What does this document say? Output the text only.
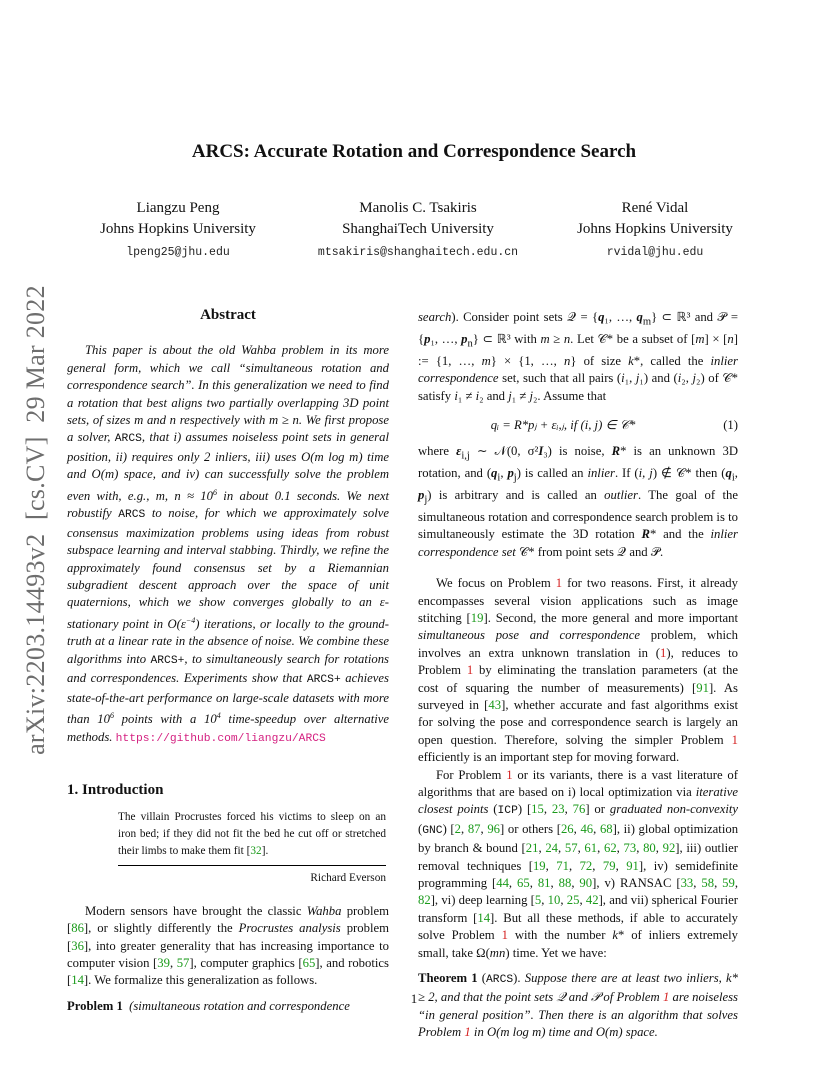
arXiv:2203.14493v2  [cs.CV]  29 Mar 2022
ARCS: Accurate Rotation and Correspondence Search
Liangzu Peng
Johns Hopkins University
lpeng25@jhu.edu
Manolis C. Tsakiris
ShanghaiTech University
mtsakiris@shanghaitech.edu.cn
René Vidal
Johns Hopkins University
rvidal@jhu.edu
Abstract
This paper is about the old Wahba problem in its more general form, which we call “simultaneous rotation and correspondence search”. In this generalization we need to find a rotation that best aligns two partially overlapping 3D point sets, of sizes m and n respectively with m ≥ n. We first propose a solver, ARCS, that i) assumes noiseless point sets in general position, ii) requires only 2 inliers, iii) uses O(m log m) time and O(m) space, and iv) can successfully solve the problem even with, e.g., m, $n \approx 10^6$ in about 0.1 seconds. We next robustify ARCS to noise, for which we approximately solve consensus maximization problems using ideas from robust subspace learning and interval stabbing. Thirdly, we refine the approximately found consensus set by a Riemannian subgradient descent approach over the space of unit quaternions, which we show converges globally to an ε-stationary point in $O(\varepsilon^{-4})$ iterations, or locally to the ground-truth at a linear rate in the absence of noise. We combine these algorithms into ARCS+, to simultaneously search for rotations and correspondences. Experiments show that ARCS+ achieves state-of-the-art performance on large-scale datasets with more than $10^6$ points with a $10^4$ time-speedup over alternative methods. https://github.com/liangzu/ARCS
1. Introduction
The villain Procrustes forced his victims to sleep on an iron bed; if they did not fit the bed he cut off or stretched their limbs to make them fit [32].
Richard Everson
Modern sensors have brought the classic Wahba problem [86], or slightly differently the Procrustes analysis problem [36], into greater generality that has increasing importance to computer vision [39, 57], computer graphics [65], and robotics [14]. We formalize this generalization as follows.
Problem 1 (simultaneous rotation and correspondence
search). Consider point sets 𝒬 = {q₁, …, $q_m$} ⊂ ℝ³ and 𝒫 = {p₁, …, $p_n$} ⊂ ℝ³ with m ≥ n. Let 𝒞* be a subset of [m] × [n] := {1, …, m} × {1, …, n} of size k*, called the inlier correspondence set, such that all pairs (i₁, j₁) and (i₂, j₂) of 𝒞* satisfy i₁ ≠ i₂ and j₁ ≠ j₂. Assume that
qᵢ = R*pⱼ + εᵢ,ⱼ, if (i, j) ∈ 𝒞*	(1)
where $\varepsilon_{i,j}$ ∼ 𝒩(0, σ²I₃) is noise, R* is an unknown 3D rotation, and ($q_i$, $p_j$) is called an inlier. If (i, j) ∉ 𝒞* then ($q_i$, $p_j$) is arbitrary and is called an outlier. The goal of the simultaneous rotation and correspondence search problem is to simultaneously estimate the 3D rotation R* and the inlier correspondence set 𝒞* from point sets 𝒬 and 𝒫.
We focus on Problem 1 for two reasons. First, it already encompasses several vision applications such as image stitching [19]. Second, the more general and more important simultaneous pose and correspondence problem, which involves an extra unknown translation in (1), reduces to Problem 1 by eliminating the translation parameters (at the cost of squaring the number of measurements) [91]. As surveyed in [43], whether accurate and fast algorithms exist for solving the pose and correspondence search is largely an open question. Therefore, solving the simpler Problem 1 efficiently is an important step for moving forward.
For Problem 1 or its variants, there is a vast literature of algorithms that are based on i) local optimization via iterative closest points (ICP) [15, 23, 76] or graduated non-convexity (GNC) [2, 87, 96] or others [26, 46, 68], ii) global optimization by branch & bound [21, 24, 57, 61, 62, 73, 80, 92], iii) outlier removal techniques [19, 71, 72, 79, 91], iv) semidefinite programming [44, 65, 81, 88, 90], v) RANSAC [33, 58, 59, 82], vi) deep learning [5, 10, 25, 42], and vii) spherical Fourier transform [14]. But all these methods, if able to accurately solve Problem 1 with the number k* of inliers extremely small, take Ω(mn) time. Yet we have:
Theorem 1 (ARCS). Suppose there are at least two inliers, k* ≥ 2, and that the point sets 𝒬 and 𝒫 of Problem 1 are noiseless “in general position”. Then there is an algorithm that solves Problem 1 in O(m log m) time and O(m) space.
1
